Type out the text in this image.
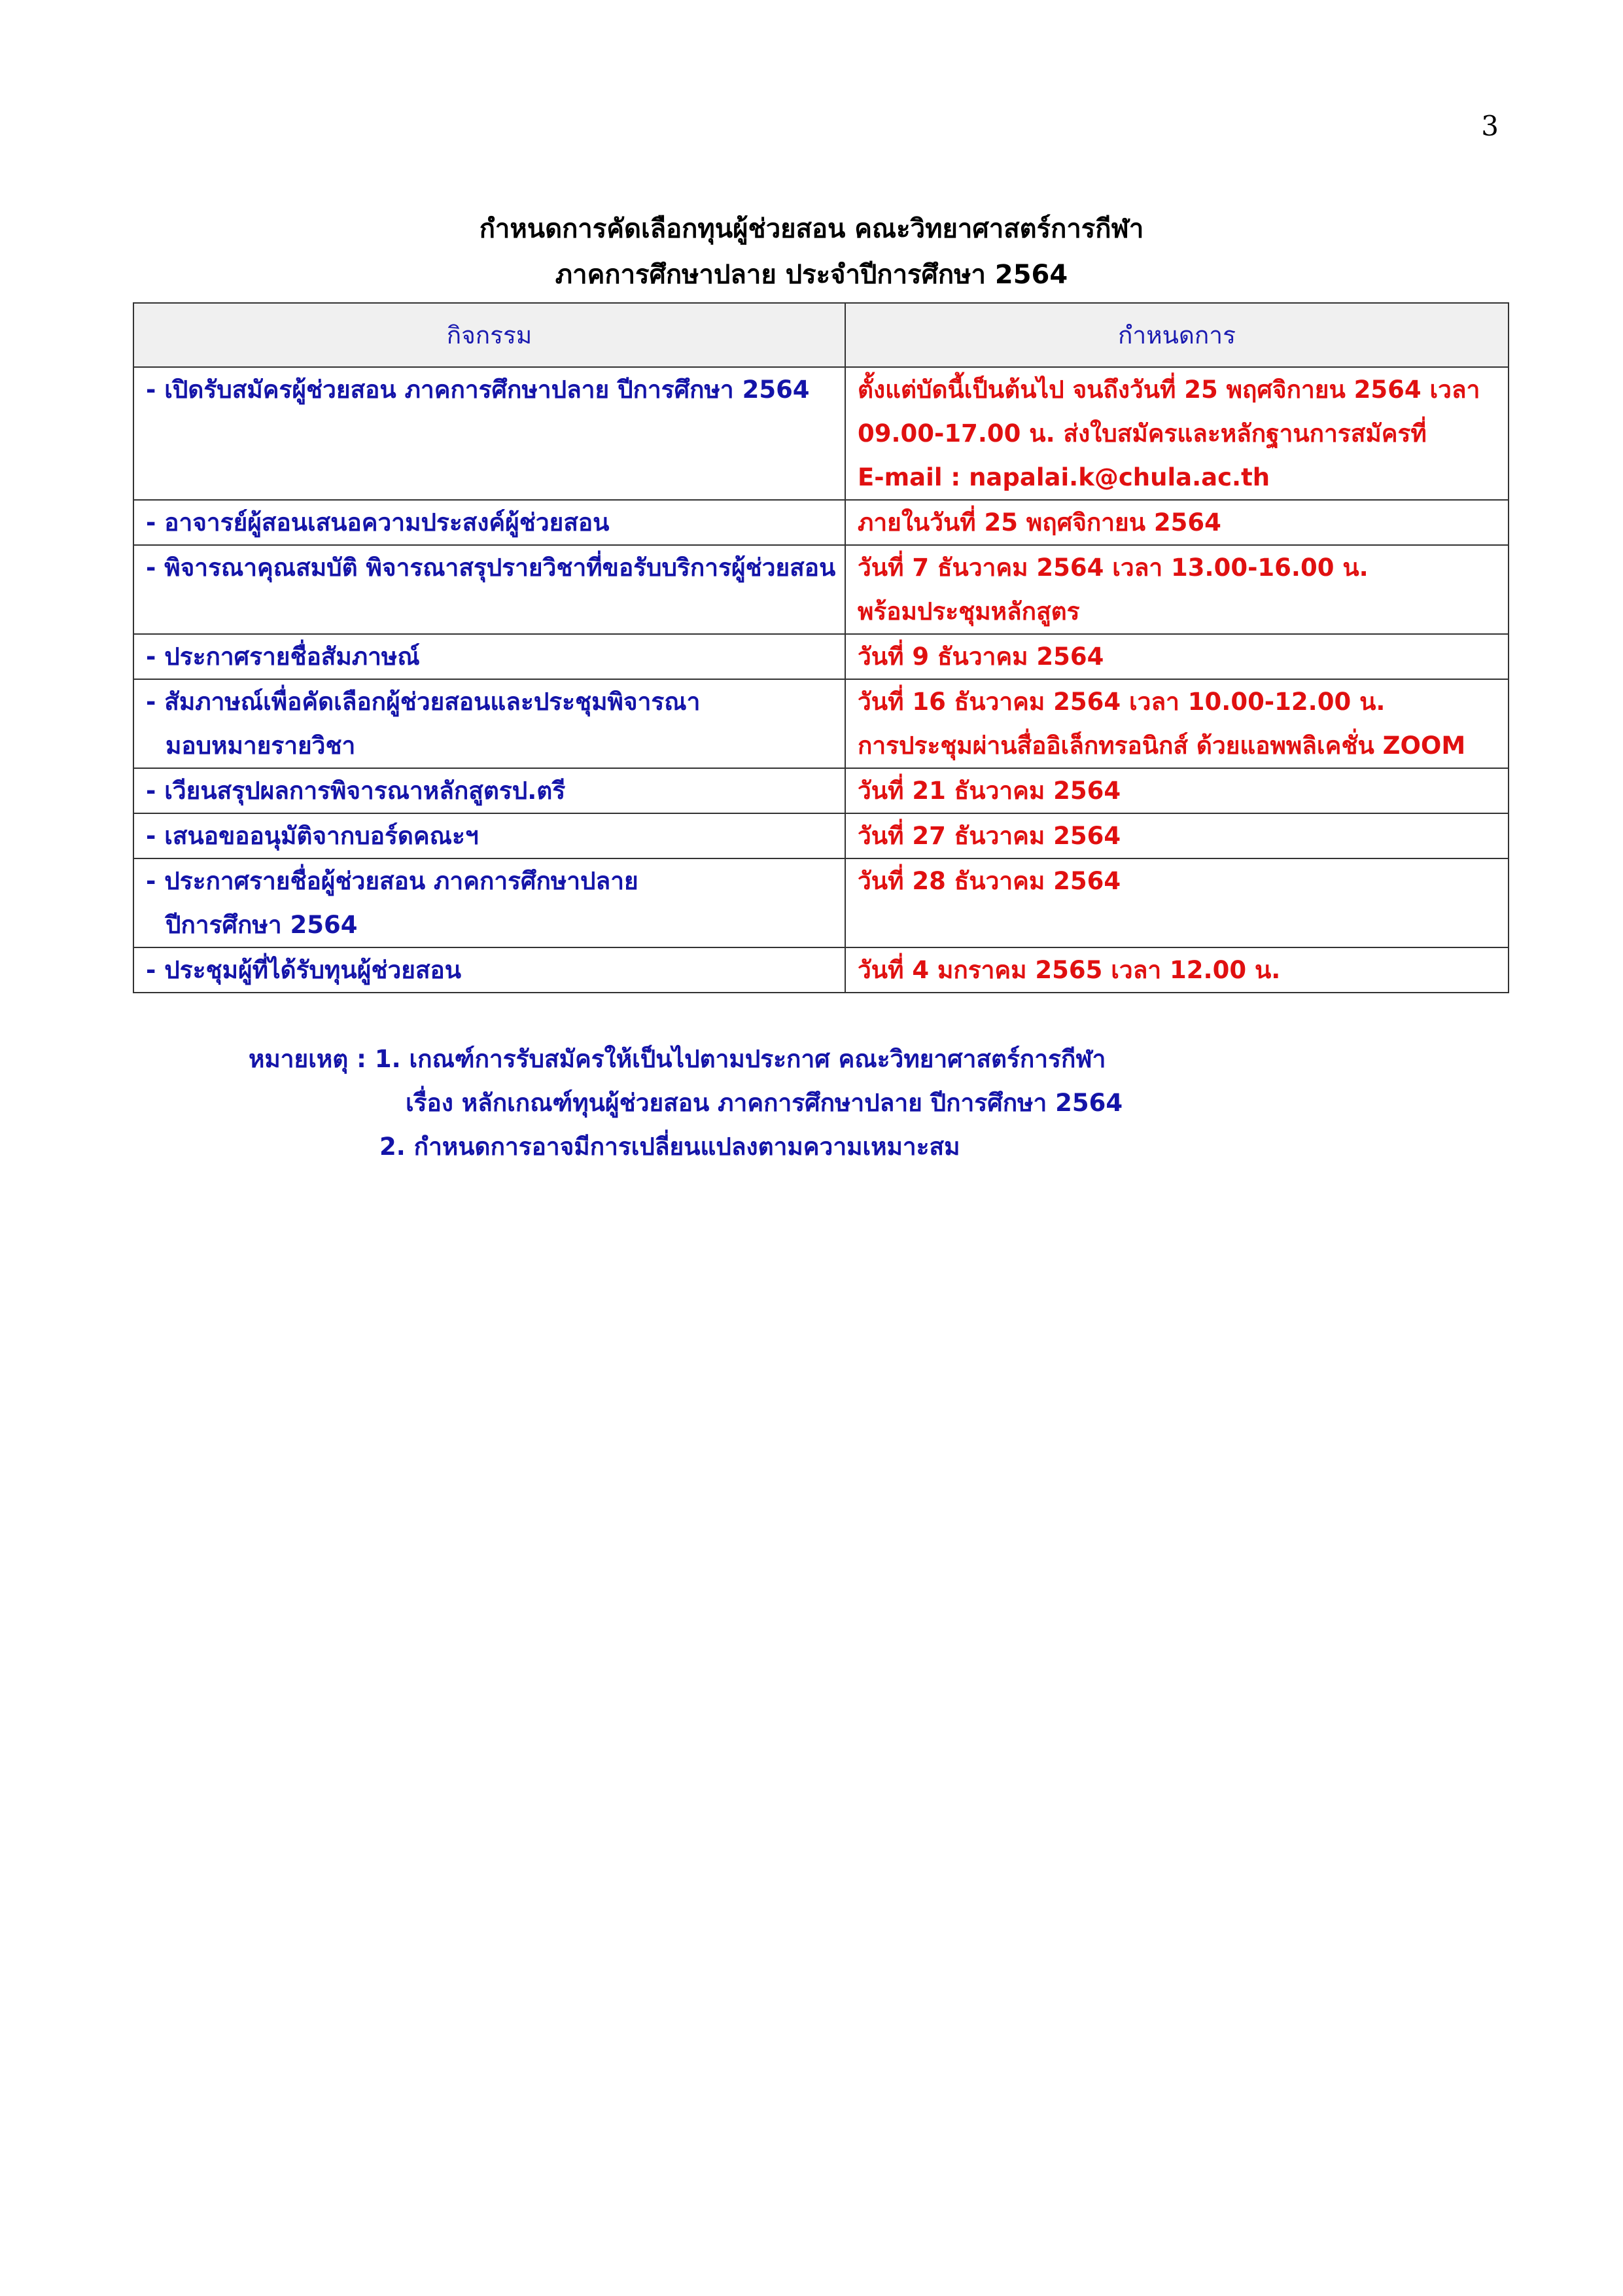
3
กำหนดการคัดเลือกทุนผู้ช่วยสอน คณะวิทยาศาสตร์การกีฬา
ภาคการศึกษาปลาย ประจำปีการศึกษา 2564
กิจกรรม	กำหนดการ

- เปิดรับสมัครผู้ช่วยสอน ภาคการศึกษาปลาย ปีการศึกษา 2564	ตั้งแต่บัดนี้เป็นต้นไป จนถึงวันที่ 25 พฤศจิกายน 2564 เวลา
09.00-17.00 น. ส่งใบสมัครและหลักฐานการสมัครที่
E-mail : napalai.k@chula.ac.th

- อาจารย์ผู้สอนเสนอความประสงค์ผู้ช่วยสอน	ภายในวันที่ 25 พฤศจิกายน 2564

- พิจารณาคุณสมบัติ พิจารณาสรุปรายวิชาที่ขอรับบริการผู้ช่วยสอน	วันที่ 7 ธันวาคม 2564 เวลา 13.00-16.00 น.
พร้อมประชุมหลักสูตร

- ประกาศรายชื่อสัมภาษณ์	วันที่ 9 ธันวาคม 2564

- สัมภาษณ์เพื่อคัดเลือกผู้ช่วยสอนและประชุมพิจารณา
มอบหมายรายวิชา	วันที่ 16 ธันวาคม 2564 เวลา 10.00-12.00 น.
การประชุมผ่านสื่ออิเล็กทรอนิกส์ ด้วยแอพพลิเคชั่น ZOOM

- เวียนสรุปผลการพิจารณาหลักสูตรป.ตรี	วันที่ 21 ธันวาคม 2564

- เสนอขออนุมัติจากบอร์ดคณะฯ	วันที่ 27 ธันวาคม 2564

- ประกาศรายชื่อผู้ช่วยสอน ภาคการศึกษาปลาย
ปีการศึกษา 2564	วันที่ 28 ธันวาคม 2564

- ประชุมผู้ที่ได้รับทุนผู้ช่วยสอน	วันที่ 4 มกราคม 2565 เวลา 12.00 น.
หมายเหตุ : 1. เกณฑ์การรับสมัครให้เป็นไปตามประกาศ คณะวิทยาศาสตร์การกีฬา
เรื่อง หลักเกณฑ์ทุนผู้ช่วยสอน ภาคการศึกษาปลาย ปีการศึกษา 2564
2. กำหนดการอาจมีการเปลี่ยนแปลงตามความเหมาะสม
